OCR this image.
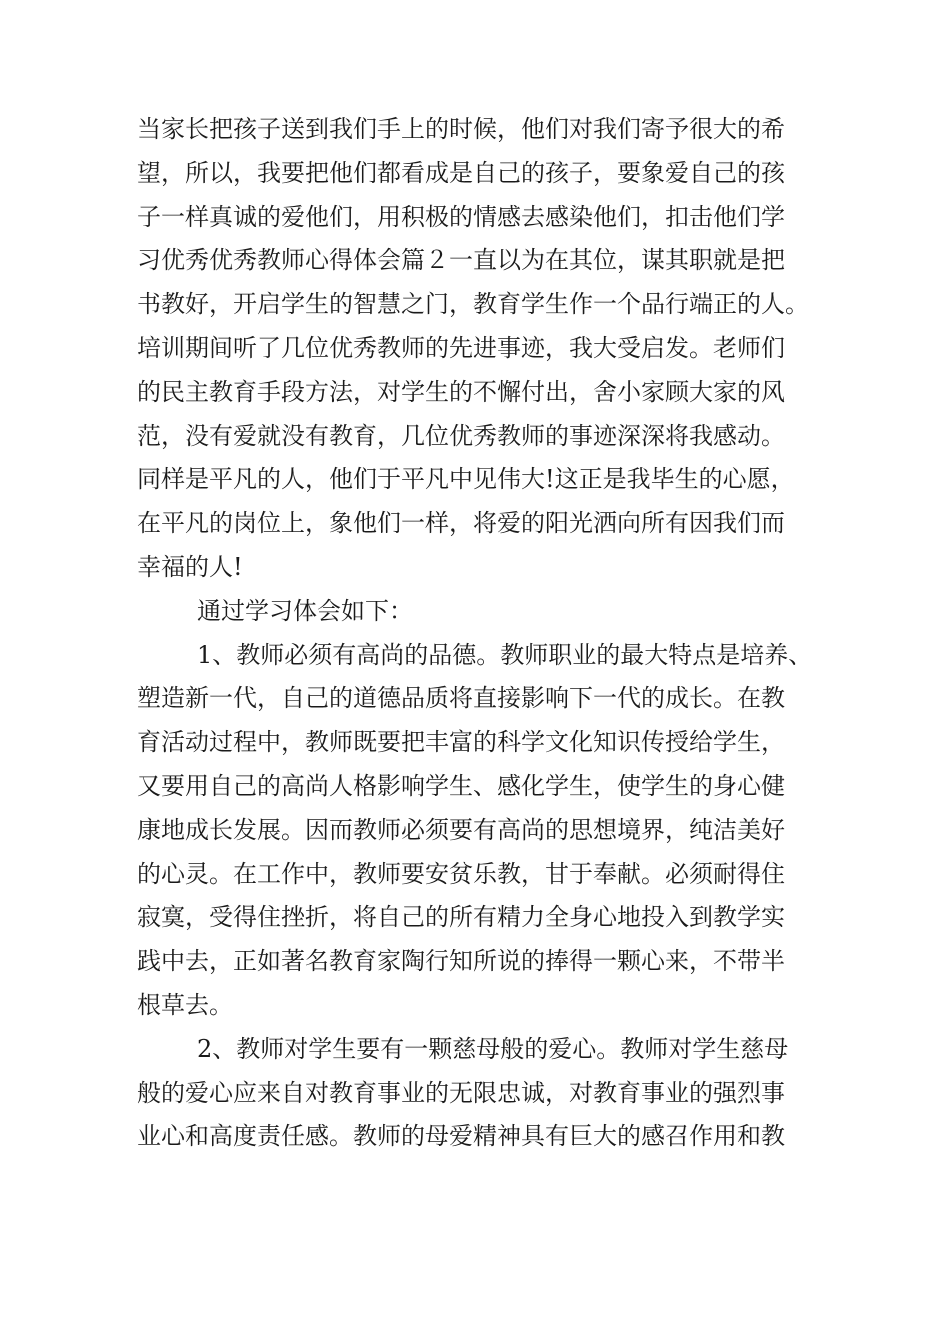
当家长把孩子送到我们手上的时候，他们对我们寄予很大的希
望，所以，我要把他们都看成是自己的孩子，要象爱自己的孩
子一样真诚的爱他们，用积极的情感去感染他们，扣击他们学
习优秀优秀教师心得体会篇２一直以为在其位，谋其职就是把
书教好，开启学生的智慧之门，教育学生作一个品行端正的人。
培训期间听了几位优秀教师的先进事迹，我大受启发。老师们
的民主教育手段方法，对学生的不懈付出，舍小家顾大家的风
范，没有爱就没有教育，几位优秀教师的事迹深深将我感动。
同样是平凡的人，他们于平凡中见伟大!这正是我毕生的心愿，
在平凡的岗位上，象他们一样，将爱的阳光洒向所有因我们而
幸福的人!
通过学习体会如下：
1、教师必须有高尚的品德。教师职业的最大特点是培养、
塑造新一代，自己的道德品质将直接影响下一代的成长。在教
育活动过程中，教师既要把丰富的科学文化知识传授给学生，
又要用自己的高尚人格影响学生、感化学生，使学生的身心健
康地成长发展。因而教师必须要有高尚的思想境界，纯洁美好
的心灵。在工作中，教师要安贫乐教，甘于奉献。必须耐得住
寂寞，受得住挫折，将自己的所有精力全身心地投入到教学实
践中去，正如著名教育家陶行知所说的捧得一颗心来，不带半
根草去。
2、教师对学生要有一颗慈母般的爱心。教师对学生慈母
般的爱心应来自对教育事业的无限忠诚，对教育事业的强烈事
业心和高度责任感。教师的母爱精神具有巨大的感召作用和教
